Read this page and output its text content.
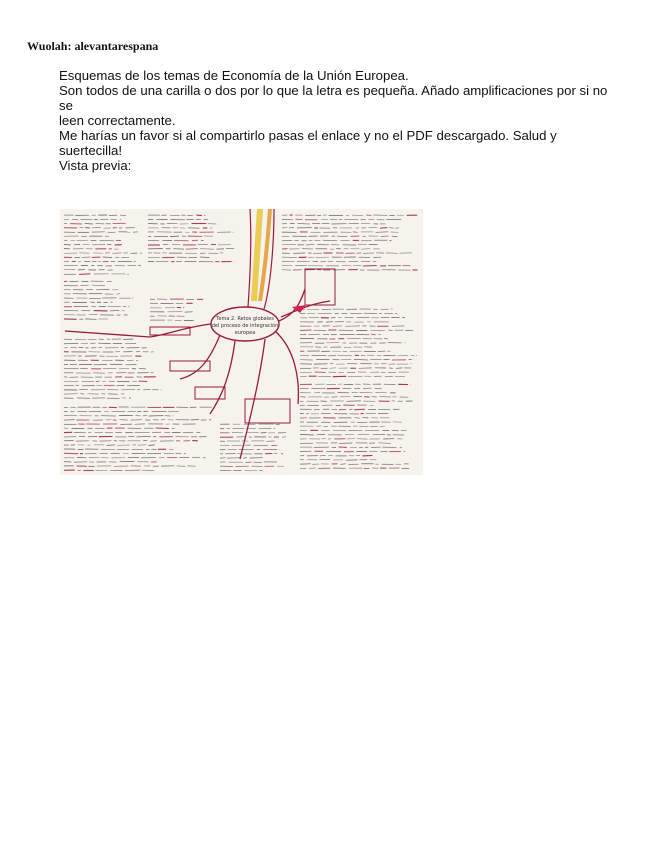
Wuolah: alevantarespana

Esquemas de los temas de Economía de la Unión Europea.

Son todos de una carilla o dos por lo que la letra es pequeña. Añado amplificaciones por si no se
leen correctamente.

Me harías un favor si al compartirlo pasas el enlace y no el PDF descargado. Salud y suertecilla!

Vista previa:

Tema 2. Retos globales
del proceso de integración
europea
